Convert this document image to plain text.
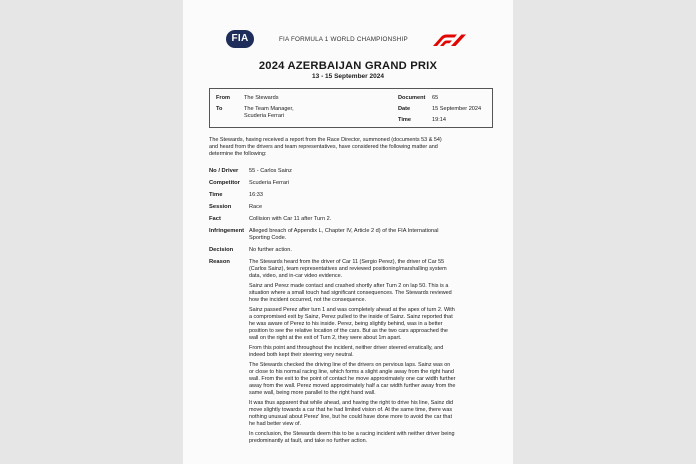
FIA	FIA FORMULA 1 WORLD CHAMPIONSHIP
2024 AZERBAIJAN GRAND PRIX
13 - 15 September 2024
From	The Stewards
To	The Team Manager,
Scuderia Ferrari
Document 65
Date	15 September 2024
Time	19:14
The Stewards, having received a report from the Race Director, summoned (documents 53 & 54)
and heard from the drivers and team representatives, have considered the following matter and
determine the following:
No / Driver 55 - Carlos Sainz
Competitor Scuderia Ferrari
Time	16:33
Session	Race
Fact	Collision with Car 11 after Turn 2.
Infringement Alleged breach of Appendix L, Chapter IV, Article 2 d) of the FIA International
Sporting Code.
Decision	No further action.
Reason	The Stewards heard from the driver of Car 11 (Sergio Perez), the driver of Car 55
(Carlos Sainz), team representatives and reviewed positioning/marshalling system
data, video, and in-car video evidence.
Sainz and Perez made contact and crashed shortly after Turn 2 on lap 50. This is a
situation where a small touch had significant consequences. The Stewards reviewed
how the incident occurred, not the consequence.
Sainz passed Perez after turn 1 and was completely ahead at the apex of turn 2. With
a compromised exit by Sainz, Perez pulled to the inside of Sainz. Sainz reported that
he was aware of Perez to his inside. Perez, being slightly behind, was in a better
position to see the relative location of the cars. But as the two cars approached the
wall on the right at the exit of Turn 2, they were about 1m apart.
From this point and throughout the incident, neither driver steered erratically, and
indeed both kept their steering very neutral.
The Stewards checked the driving line of the drivers on pervious laps. Sainz was on
or close to his normal racing line, which forms a slight angle away from the right hand
wall. From the exit to the point of contact he move approximately one car width further
away from the wall. Perez moved approximately half a car width further away from the
same wall, being more parallel to the right hand wall.
It was thus apparent that while ahead, and having the right to drive his line, Sainz did
move slightly towards a car that he had limited vision of. At the same time, there was
nothing unusual about Perez' line, but he could have done more to avoid the car that
he had better view of.
In conclusion, the Stewards deem this to be a racing incident with neither driver being
predominantly at fault, and take no further action.
